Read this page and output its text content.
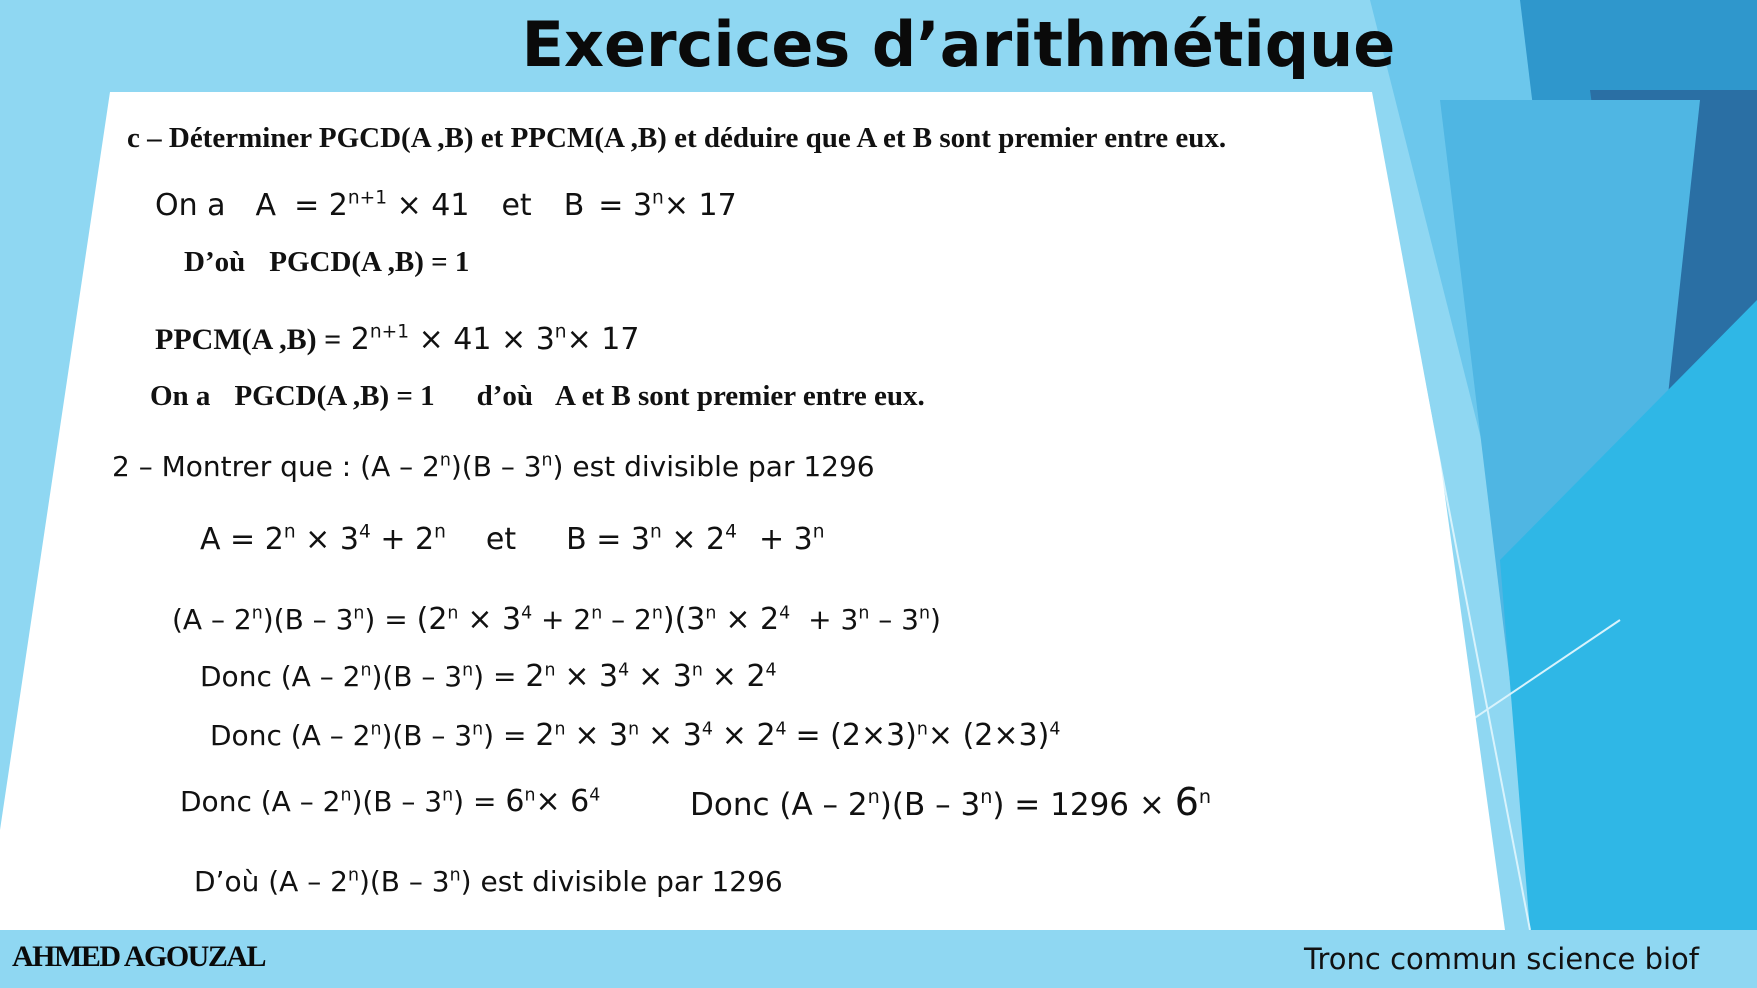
Exercices d’arithmétique
c – Déterminer PGCD(A ,B) et PPCM(A ,B) et déduire que A et B sont premier entre eux.
On a $A = 2^{n+1} \times 41$ et $B = 3^n\times 17$
D’où PGCD(A ,B) = 1
PPCM(A $,B) = 2^{n+1} \times 41 \times 3^n\times 17$
On a PGCD(A ,B) = 1 d’où A et B sont premier entre eux.
2 – Montrer que : (A – 2$^n$)(B – 3$^n$) est divisible par 1296
$A = 2^n \times 3^4 + 2^n$ et $B = 3^n \times 2^4 + 3^n$
$(A - 2^n)(B - 3^n) = (2^n \times 3^4 + 2^n - 2^n)(3^n \times 2^4 + 3^n - 3^n)$
Donc $(A - 2^n)(B - 3^n) = 2^n \times 3^4 \times 3^n \times 2^4$
Donc $(A - 2^n)(B - 3^n) = 2^n \times 3^n \times 3^4 \times 2^4 = (2\times 3)^n\times (2\times 3)^4$
Donc $(A - 2^n)(B - 3^n) = 6^n\times 6^4$	Donc $(A - 2^n)(B - 3^n) = 1296 \times 6^n$
D’où (A – 2$^n$)(B – 3$^n$) est divisible par 1296
AHMED AGOUZAL	Tronc commun science biof
